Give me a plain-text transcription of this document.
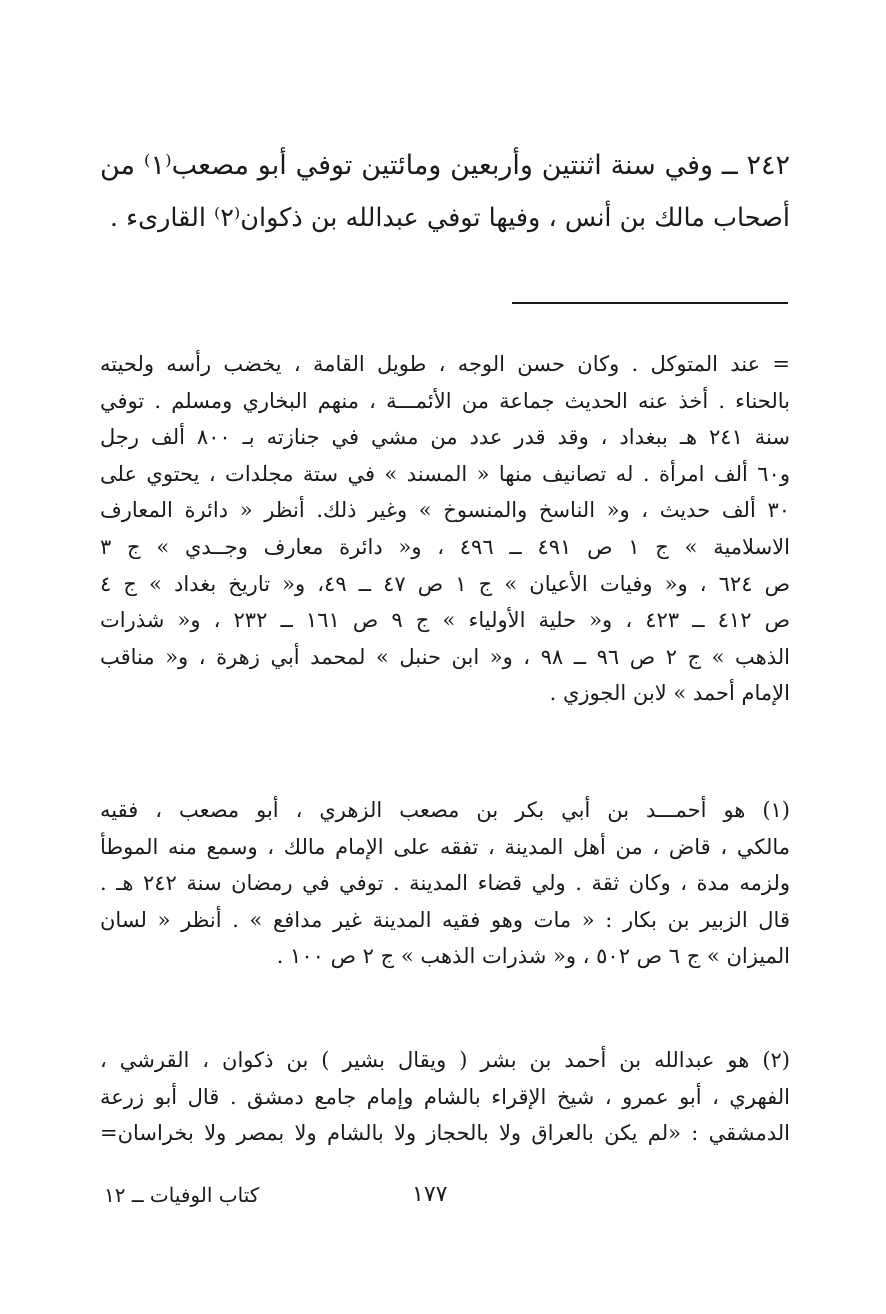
٢٤٢ ــ وفي سنة اثنتين وأربعين ومائتين توفي أبو مصعب⁽١⁾ من
أصحاب مالك بن أنس ، وفيها توفي عبدالله بن ذكوان⁽٢⁾ القارىء .
= عند المتوكل . وكان حسن الوجه ، طويل القامة ، يخضب رأسه ولحيته
بالحناء . أخذ عنه الحديث جماعة من الأئمـــة ، منهم البخاري ومسلم . توفي
سنة ٢٤١ هـ ببغداد ، وقد قدر عدد من مشي في جنازته بـ ٨٠٠ ألف رجل
و٦٠ ألف امرأة . له تصانيف منها « المسند » في ستة مجلدات ، يحتوي على
٣٠ ألف حديث ، و« الناسخ والمنسوخ » وغير ذلك. أنظر « دائرة المعارف
الاسلامية » ج ١ ص ٤٩١ ــ ٤٩٦ ، و« دائرة معارف وجــدي » ج ٣
ص ٦٢٤ ، و« وفيات الأعيان » ج ١ ص ٤٧ ــ ٤٩، و« تاريخ بغداد » ج ٤
ص ٤١٢ ــ ٤٢٣ ، و« حلية الأولياء » ج ٩ ص ١٦١ ــ ٢٣٢ ، و« شذرات
الذهب » ج ٢ ص ٩٦ ــ ٩٨ ، و« ابن حنبل » لمحمد أبي زهرة ، و« مناقب
الإمام أحمد » لابن الجوزي .
(١) هو أحمـــد بن أبي بكر بن مصعب الزهري ، أبو مصعب ، فقيه
مالكي ، قاض ، من أهل المدينة ، تفقه على الإمام مالك ، وسمع منه الموطأ
ولزمه مدة ، وكان ثقة . ولي قضاء المدينة . توفي في رمضان سنة ٢٤٢ هـ .
قال الزبير بن بكار : « مات وهو فقيه المدينة غير مدافع » . أنظر « لسان
الميزان » ج ٦ ص ٥٠٢ ، و« شذرات الذهب » ج ٢ ص ١٠٠ .
(٢) هو عبدالله بن أحمد بن بشر ( ويقال بشير ) بن ذكوان ، القرشي ،
الفهري ، أبو عمرو ، شيخ الإقراء بالشام وإمام جامع دمشق . قال أبو زرعة
الدمشقي : «لم يكن بالعراق ولا بالحجاز ولا بالشام ولا بمصر ولا بخراسان=
١٧٧
كتاب الوفيات ــ ١٢
